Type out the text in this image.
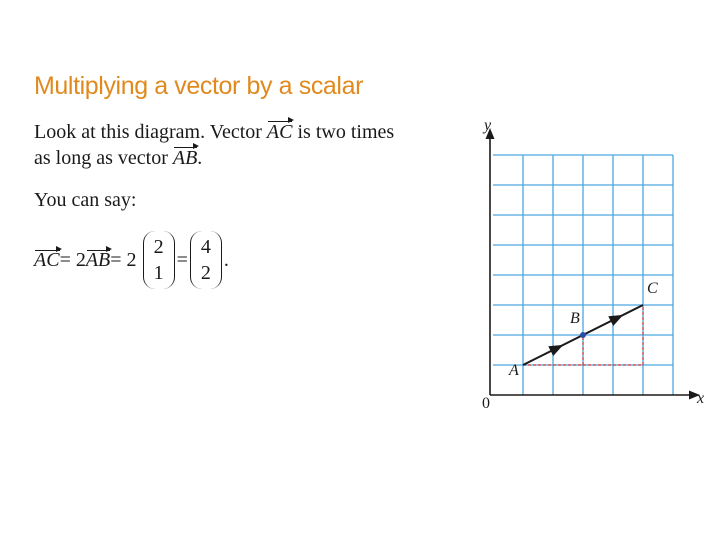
Multiplying a vector by a scalar
Look at this diagram. Vector AC is two times
as long as vector AB.
You can say:
AC = 2 AB = 2
2
1
=
4
2
.
x
y
0
A
B
C
